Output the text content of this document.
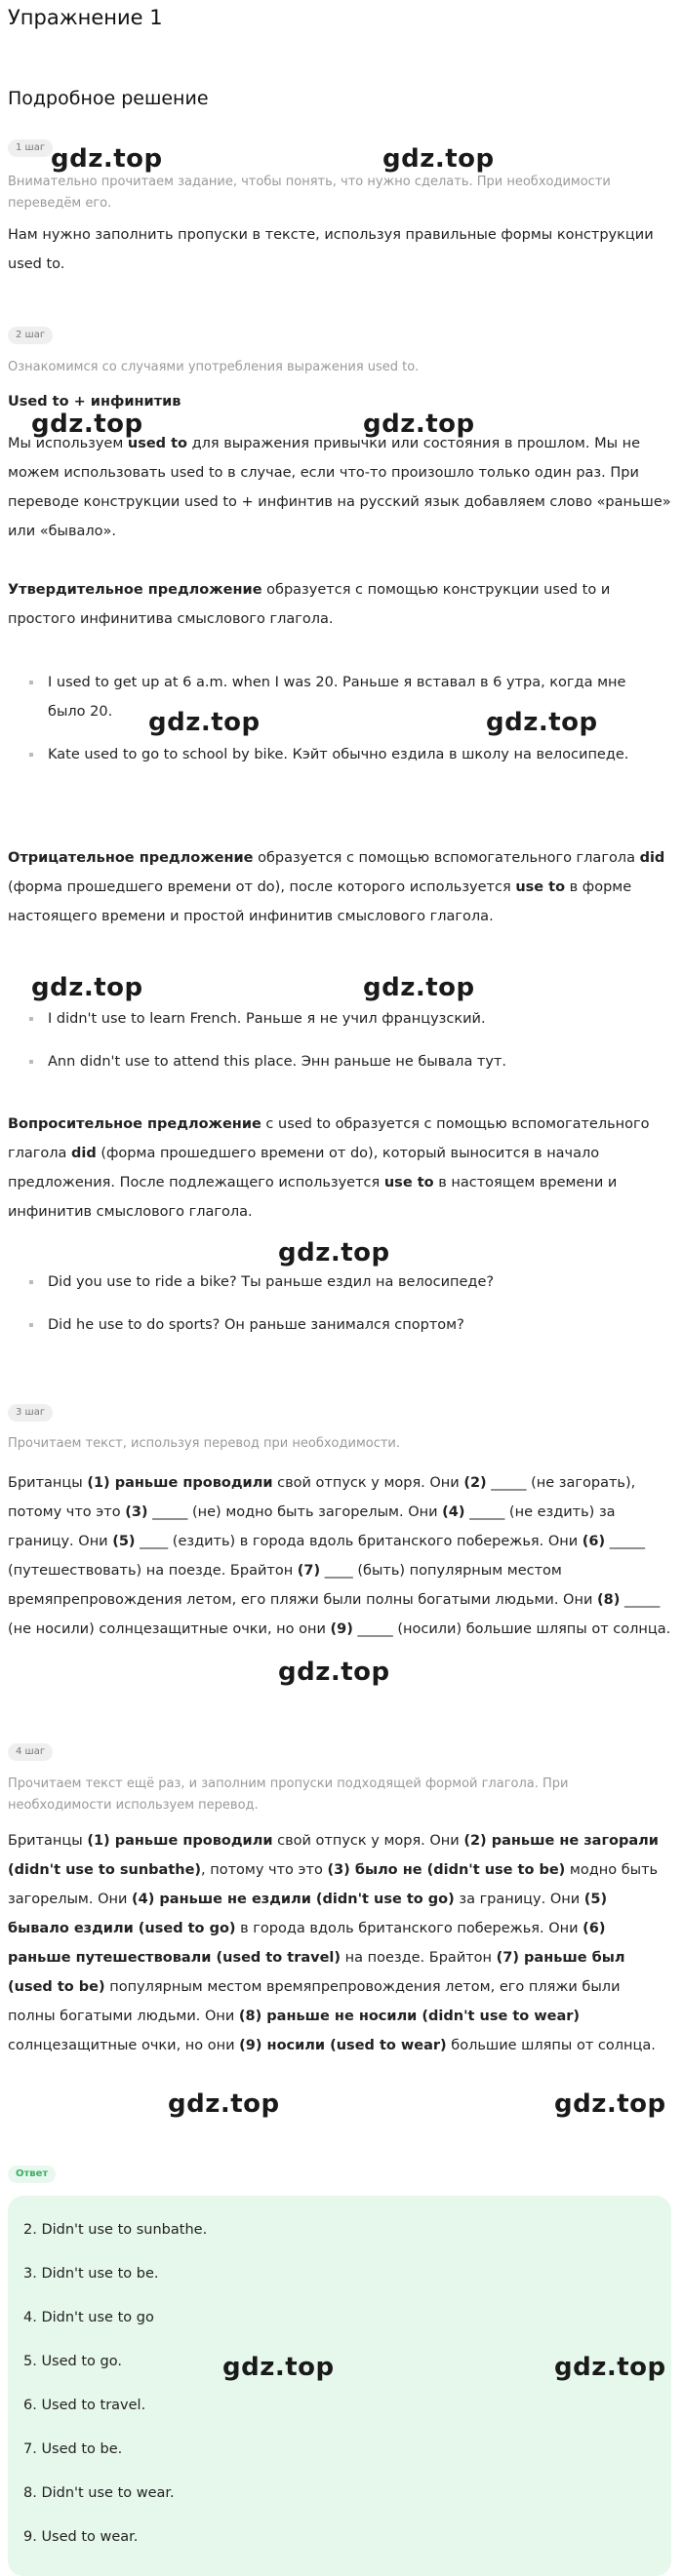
Упражнение 1
Подробное решение
1 шаг

Внимательно прочитаем задание, чтобы понять, что нужно сделать. При необходимости переведём его.

Нам нужно заполнить пропуски в тексте, используя правильные формы конструкции used to.

2 шаг

Ознакомимся со случаями употребления выражения used to.

Used to + инфинитив

Мы используем used to для выражения привычки или состояния в прошлом. Мы не можем использовать used to в случае, если что-то произошло только один раз. При переводе конструкции used to + инфинтив на русский язык добавляем слово «раньше» или «бывало».

Утвердительное предложение образуется с помощью конструкции used to и простого инфинитива смыслового глагола.

I used to get up at 6 a.m. when I was 20. Раньше я вставал в 6 утра, когда мне было 20.
Kate used to go to school by bike. Кэйт обычно ездила в школу на велосипеде.

Отрицательное предложение образуется с помощью вспомогательного глагола did (форма прошедшего времени от do), после которого используется use to в форме настоящего времени и простой инфинитив смыслового глагола.

I didn't use to learn French. Раньше я не учил французский.
Ann didn't use to attend this place. Энн раньше не бывала тут.

Вопросительное предложение с used to образуется с помощью вспомогательного глагола did (форма прошедшего времени от do), который выносится в начало предложения. После подлежащего используется use to в настоящем времени и инфинитив смыслового глагола.

Did you use to ride a bike? Ты раньше ездил на велосипеде?
Did he use to do sports? Он раньше занимался спортом?
3 шаг

Прочитаем текст, используя перевод при необходимости.

Британцы (1) раньше проводили свой отпуск у моря. Они (2) _____ (не загорать), потому что это (3) _____ (не) модно быть загорелым. Они (4) _____ (не ездить) за границу. Они (5) ____ (ездить) в города вдоль британского побережья. Они (6) _____ (путешествовать) на поезде. Брайтон (7) ____ (быть) популярным местом времяпрепровождения летом, его пляжи были полны богатыми людьми. Они (8) _____ (не носили) солнцезащитные очки, но они (9) _____ (носили) большие шляпы от солнца.

4 шаг

Прочитаем текст ещё раз, и заполним пропуски подходящей формой глагола. При необходимости используем перевод.

Британцы (1) раньше проводили свой отпуск у моря. Они (2) раньше не загорали (didn't use to sunbathe), потому что это (3) было не (didn't use to be) модно быть загорелым. Они (4) раньше не ездили (didn't use to go) за границу. Они (5) бывало ездили (used to go) в города вдоль британского побережья. Они (6) раньше путешествовали (used to travel) на поезде. Брайтон (7) раньше был (used to be) популярным местом времяпрепровождения летом, его пляжи были полны богатыми людьми. Они (8) раньше не носили (didn't use to wear) солнцезащитные очки, но они (9) носили (used to wear) большие шляпы от солнца.

Ответ
2. Didn't use to sunbathe.
3. Didn't use to be.
4. Didn't use to go
5. Used to go.
6. Used to travel.
7. Used to be.
8. Didn't use to wear.
9. Used to wear.
gdz.top	gdz.top
gdz.top	gdz.top
gdz.top	gdz.top
gdz.top	gdz.top
gdz.top
gdz.top
gdz.top	gdz.top
gdz.top	gdz.top
